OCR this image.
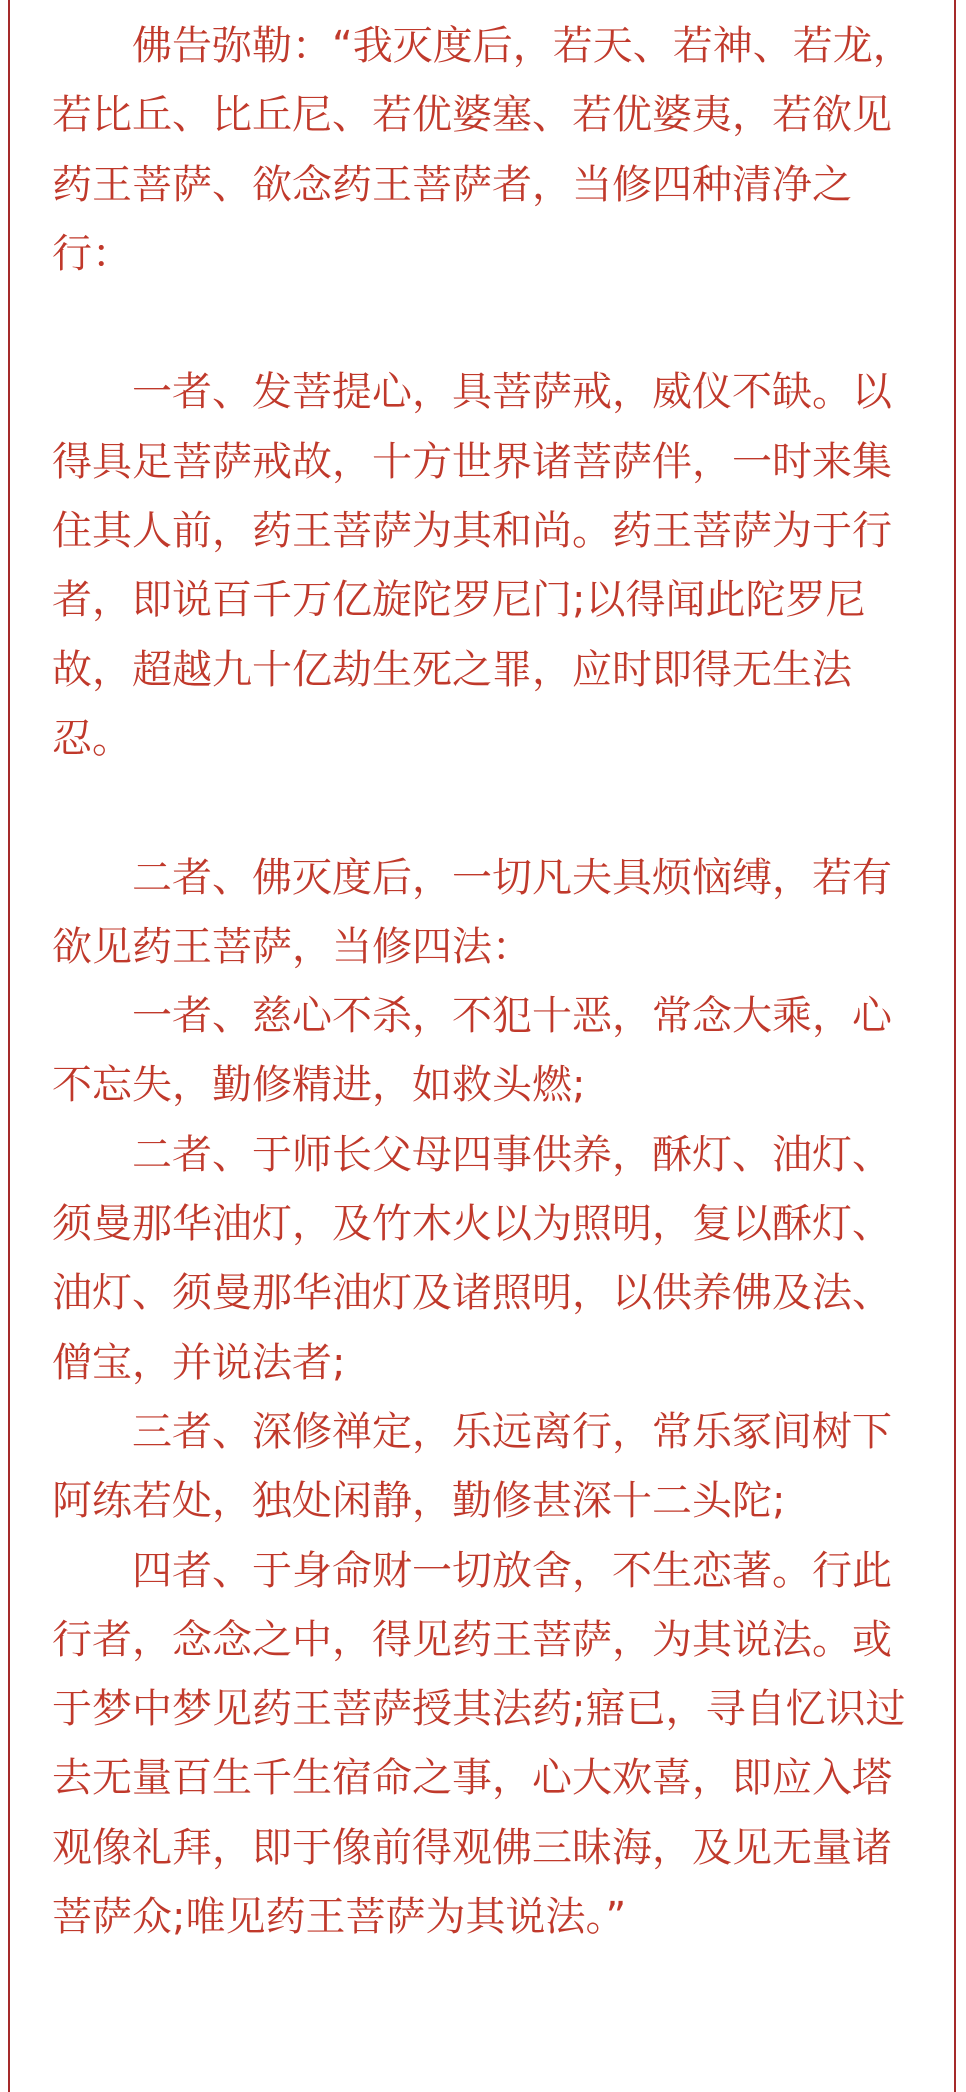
佛告弥勒：“我灭度后，若天、若神、若龙，若比丘、比丘尼、若优婆塞、若优婆夷，若欲见药王菩萨、欲念药王菩萨者，当修四种清净之行：

一者、发菩提心，具菩萨戒，威仪不缺。以得具足菩萨戒故，十方世界诸菩萨伴，一时来集住其人前，药王菩萨为其和尚。药王菩萨为于行者，即说百千万亿旋陀罗尼门;以得闻此陀罗尼故，超越九十亿劫生死之罪，应时即得无生法忍。

二者、佛灭度后，一切凡夫具烦恼缚，若有欲见药王菩萨，当修四法：

一者、慈心不杀，不犯十恶，常念大乘，心不忘失，勤修精进，如救头燃;

二者、于师长父母四事供养，酥灯、油灯、须曼那华油灯，及竹木火以为照明，复以酥灯、油灯、须曼那华油灯及诸照明，以供养佛及法、僧宝，并说法者;

三者、深修禅定，乐远离行，常乐冢间树下阿练若处，独处闲静，勤修甚深十二头陀;

四者、于身命财一切放舍，不生恋著。行此行者，念念之中，得见药王菩萨，为其说法。或于梦中梦见药王菩萨授其法药;寤已，寻自忆识过去无量百生千生宿命之事，心大欢喜，即应入塔观像礼拜，即于像前得观佛三昧海，及见无量诸菩萨众;唯见药王菩萨为其说法。”
